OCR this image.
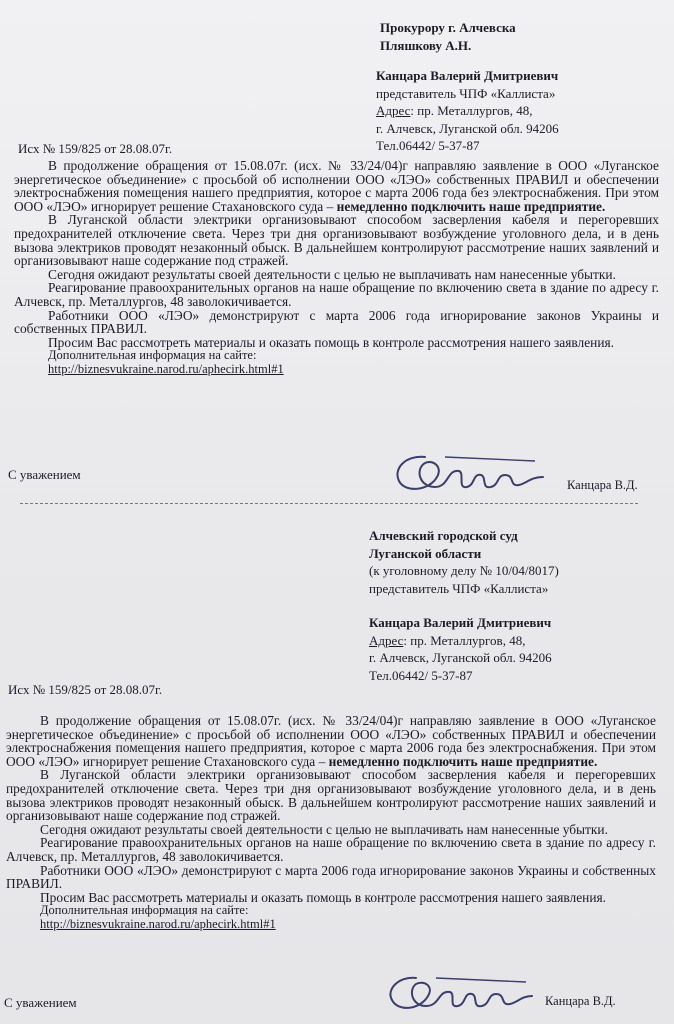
Прокурору г. Алчевска
Пляшкову А.Н.
Канцара Валерий Дмитриевич
представитель ЧПФ «Каллиста»
Адрес: пр. Металлургов, 48,
г. Алчевск, Луганской обл. 94206
Тел.06442/ 5-37-87
Исх № 159/825 от 28.08.07г.

В продолжение обращения от 15.08.07г. (исх. № 33/24/04)г направляю заявление в ООО «Луганское энергетическое объединение» с просьбой об исполнении ООО «ЛЭО» собственных ПРАВИЛ и обеспечении электроснабжения помещения нашего предприятия, которое с марта 2006 года без электроснабжения. При этом ООО «ЛЭО» игнорирует решение Стахановского суда – немедленно подключить наше предприятие.

В Луганской области электрики организовывают способом засверления кабеля и перегоревших предохранителей отключение света. Через три дня организовывают возбуждение уголовного дела, и в день вызова электриков проводят незаконный обыск. В дальнейшем контролируют рассмотрение наших заявлений и организовывают наше содержание под стражей.

Сегодня ожидают результаты своей деятельности с целью не выплачивать нам нанесенные убытки.

Реагирование правоохранительных органов на наше обращение по включению света в здание по адресу г. Алчевск, пр. Металлургов, 48 заволокичивается.

Работники ООО «ЛЭО» демонстрируют с марта 2006 года игнорирование законов Украины и собственных ПРАВИЛ.

Просим Вас рассмотреть материалы и оказать помощь в контроле рассмотрения нашего заявления.

Дополнительная информация на сайте:

http://biznesvukraine.narod.ru/aphecirk.html#1

С уважением
Канцара В.Д.
Алчевский городской суд
Луганской области
(к уголовному делу № 10/04/8017)
представитель ЧПФ «Каллиста»
Канцара Валерий Дмитриевич
Адрес: пр. Металлургов, 48,
г. Алчевск, Луганской обл. 94206
Тел.06442/ 5-37-87
Исх № 159/825 от 28.08.07г.

В продолжение обращения от 15.08.07г. (исх. № 33/24/04)г направляю заявление в ООО «Луганское энергетическое объединение» с просьбой об исполнении ООО «ЛЭО» собственных ПРАВИЛ и обеспечении электроснабжения помещения нашего предприятия, которое с марта 2006 года без электроснабжения. При этом ООО «ЛЭО» игнорирует решение Стахановского суда – немедленно подключить наше предприятие.

В Луганской области электрики организовывают способом засверления кабеля и перегоревших предохранителей отключение света. Через три дня организовывают возбуждение уголовного дела, и в день вызова электриков проводят незаконный обыск. В дальнейшем контролируют рассмотрение наших заявлений и организовывают наше содержание под стражей.

Сегодня ожидают результаты своей деятельности с целью не выплачивать нам нанесенные убытки.

Реагирование правоохранительных органов на наше обращение по включению света в здание по адресу г. Алчевск, пр. Металлургов, 48 заволокичивается.

Работники ООО «ЛЭО» демонстрируют с марта 2006 года игнорирование законов Украины и собственных ПРАВИЛ.

Просим Вас рассмотреть материалы и оказать помощь в контроле рассмотрения нашего заявления.

Дополнительная информация на сайте:

http://biznesvukraine.narod.ru/aphecirk.html#1

С уважением	Канцара В.Д.
